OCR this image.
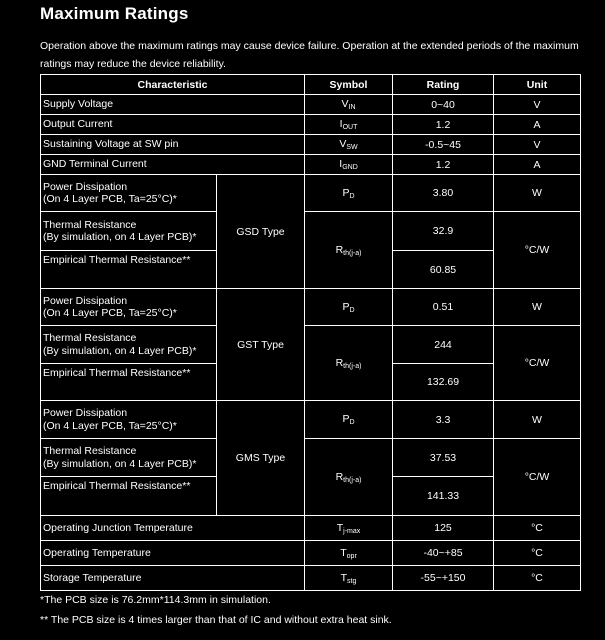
Maximum Ratings
Operation above the maximum ratings may cause device failure. Operation at the extended periods of the maximum ratings may reduce the device reliability.
Characteristic		Symbol	Rating	Unit
Supply Voltage		$V_{IN}$	0~40	V
Output Current		$I_{OUT}$	1.2	A
Sustaining Voltage at SW pin		$V_{SW}$	-0.5~45	V
GND Terminal Current		$I_{GND}$	1.2	A
Power Dissipation
(On 4 Layer PCB, Ta=25°C)*	GSD Type	$P_D$	3.80	W
Thermal Resistance
(By simulation, on 4 Layer PCB)*		$R_{th(j-a)}$	32.9	°C/W
Empirical Thermal Resistance**			60.85	
Power Dissipation
(On 4 Layer PCB, Ta=25°C)*	GST Type	$P_D$	0.51	W
Thermal Resistance
(By simulation, on 4 Layer PCB)*		$R_{th(j-a)}$	244	°C/W
Empirical Thermal Resistance**			132.69	
Power Dissipation
(On 4 Layer PCB, Ta=25°C)*	GMS Type	$P_D$	3.3	W
Thermal Resistance
(By simulation, on 4 Layer PCB)*		$R_{th(j-a)}$	37.53	°C/W
Empirical Thermal Resistance**			141.33	
Operating Junction Temperature		$T_{j-max}$	125	°C
Operating Temperature		$T_{opr}$	-40~+85	°C
Storage Temperature		$T_{stg}$	-55~+150	°C
*The PCB size is 76.2mm*114.3mm in simulation.
** The PCB size is 4 times larger than that of IC and without extra heat sink.
